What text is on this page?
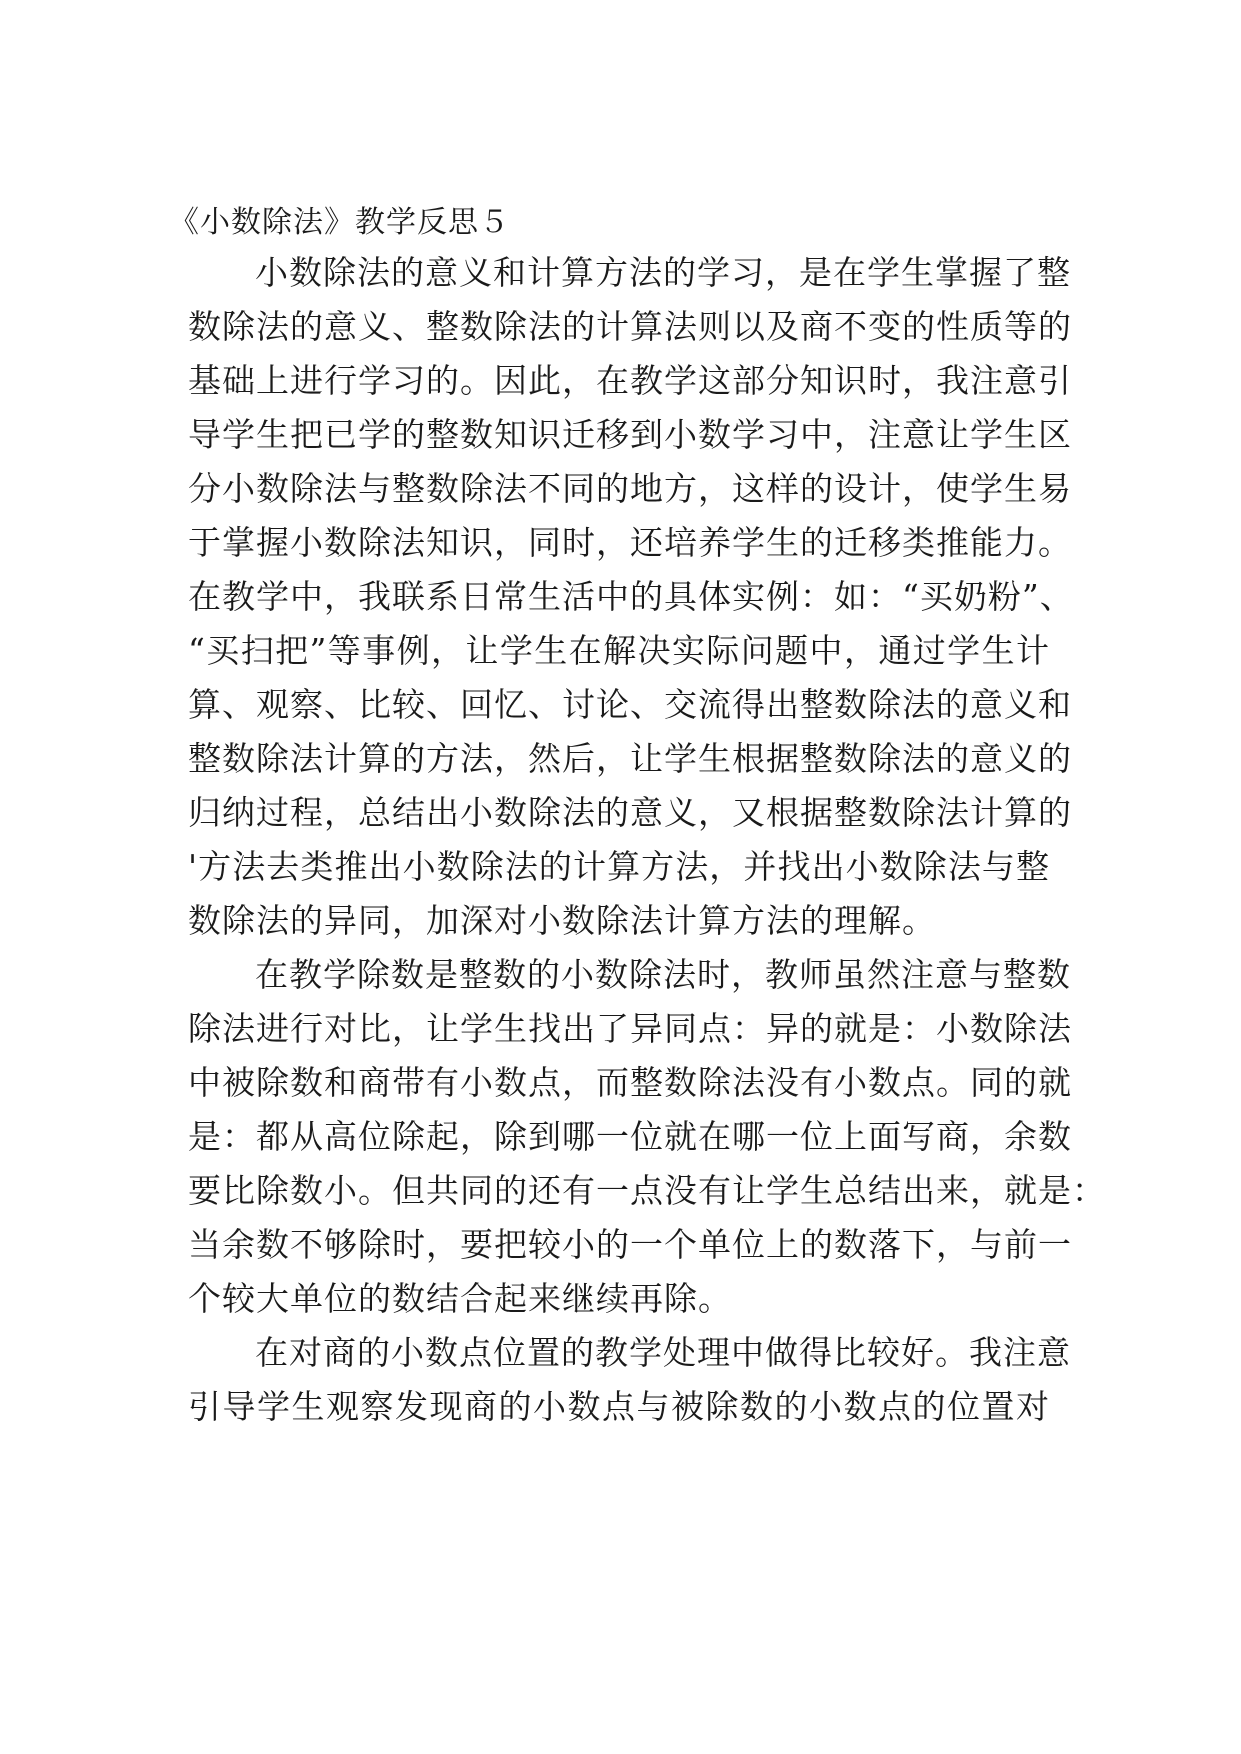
《小数除法》教学反思５
小数除法的意义和计算方法的学习，是在学生掌握了整
数除法的意义、整数除法的计算法则以及商不变的性质等的
基础上进行学习的。因此，在教学这部分知识时，我注意引
导学生把已学的整数知识迁移到小数学习中，注意让学生区
分小数除法与整数除法不同的地方，这样的设计，使学生易
于掌握小数除法知识，同时，还培养学生的迁移类推能力。
在教学中，我联系日常生活中的具体实例：如：“买奶粉”、
“买扫把”等事例，让学生在解决实际问题中，通过学生计
算、观察、比较、回忆、讨论、交流得出整数除法的意义和
整数除法计算的方法，然后，让学生根据整数除法的意义的
归纳过程，总结出小数除法的意义，又根据整数除法计算的
'方法去类推出小数除法的计算方法，并找出小数除法与整
数除法的异同，加深对小数除法计算方法的理解。
在教学除数是整数的小数除法时，教师虽然注意与整数
除法进行对比，让学生找出了异同点：异的就是：小数除法
中被除数和商带有小数点，而整数除法没有小数点。同的就
是：都从高位除起，除到哪一位就在哪一位上面写商，余数
要比除数小。但共同的还有一点没有让学生总结出来，就是：
当余数不够除时，要把较小的一个单位上的数落下，与前一
个较大单位的数结合起来继续再除。
在对商的小数点位置的教学处理中做得比较好。我注意
引导学生观察发现商的小数点与被除数的小数点的位置对
